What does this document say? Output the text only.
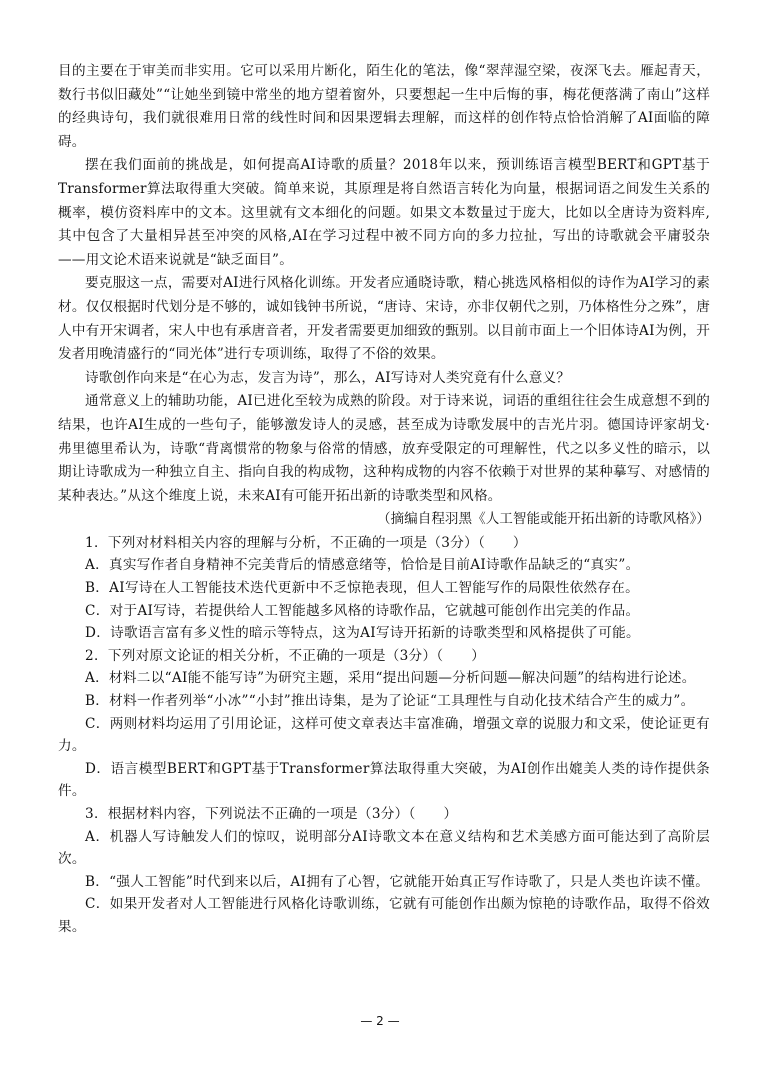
目的主要在于审美而非实用。它可以采用片断化，陌生化的笔法，像“翠萍湿空梁，夜深飞去。雁起青天，数行书似旧藏处”“让她坐到镜中常坐的地方望着窗外，只要想起一生中后悔的事，梅花便落满了南山”这样的经典诗句，我们就很难用日常的线性时间和因果逻辑去理解，而这样的创作特点恰恰消解了AI面临的障碍。

摆在我们面前的挑战是，如何提高AI诗歌的质量？2018年以来，预训练语言模型BERT和GPT基于Transformer算法取得重大突破。简单来说，其原理是将自然语言转化为向量，根据词语之间发生关系的概率，模仿资料库中的文本。这里就有文本细化的问题。如果文本数量过于庞大，比如以全唐诗为资料库,其中包含了大量相异甚至冲突的风格,AI在学习过程中被不同方向的多力拉扯，写出的诗歌就会平庸驳杂——用文论术语来说就是“缺乏面目”。

要克服这一点，需要对AI进行风格化训练。开发者应通晓诗歌，精心挑选风格相似的诗作为AI学习的素材。仅仅根据时代划分是不够的，诚如钱钟书所说，“唐诗、宋诗，亦非仅朝代之别，乃体格性分之殊”，唐人中有开宋调者，宋人中也有承唐音者，开发者需要更加细致的甄别。以目前市面上一个旧体诗AI为例，开发者用晚清盛行的“同光体”进行专项训练，取得了不俗的效果。

诗歌创作向来是“在心为志，发言为诗”，那么，AI写诗对人类究竟有什么意义？

通常意义上的辅助功能，AI已进化至较为成熟的阶段。对于诗来说，词语的重组往往会生成意想不到的结果，也许AI生成的一些句子，能够激发诗人的灵感，甚至成为诗歌发展中的吉光片羽。德国诗评家胡戈·弗里德里希认为，诗歌“背离惯常的物象与俗常的情感，放弃受限定的可理解性，代之以多义性的暗示，以期让诗歌成为一种独立自主、指向自我的构成物，这种构成物的内容不依赖于对世界的某种摹写、对感情的某种表达。”从这个维度上说，未来AI有可能开拓出新的诗歌类型和风格。

（摘编自程羽黑《人工智能或能开拓出新的诗歌风格》）

1．下列对材料相关内容的理解与分析，不正确的一项是（3分）（　　）

A．真实写作者自身精神不完美背后的情感意绪等，恰恰是目前AI诗歌作品缺乏的“真实”。

B．AI写诗在人工智能技术迭代更新中不乏惊艳表现，但人工智能写作的局限性依然存在。

C．对于AI写诗，若提供给人工智能越多风格的诗歌作品，它就越可能创作出完美的作品。

D．诗歌语言富有多义性的暗示等特点，这为AI写诗开拓新的诗歌类型和风格提供了可能。

2．下列对原文论证的相关分析，不正确的一项是（3分）（　　）

A．材料二以“AI能不能写诗”为研究主题，采用“提出问题—分析问题—解决问题”的结构进行论述。

B．材料一作者列举“小冰”“小封”推出诗集，是为了论证“工具理性与自动化技术结合产生的威力”。

C．两则材料均运用了引用论证，这样可使文章表达丰富准确，增强文章的说服力和文采，使论证更有力。

D．语言模型BERT和GPT基于Transformer算法取得重大突破，为AI创作出媲美人类的诗作提供条件。

3．根据材料内容，下列说法不正确的一项是（3分）（　　）

A．机器人写诗触发人们的惊叹，说明部分AI诗歌文本在意义结构和艺术美感方面可能达到了高阶层次。

B．“强人工智能”时代到来以后，AI拥有了心智，它就能开始真正写作诗歌了，只是人类也许读不懂。

C．如果开发者对人工智能进行风格化诗歌训练，它就有可能创作出颇为惊艳的诗歌作品，取得不俗效果。

— 2 —
